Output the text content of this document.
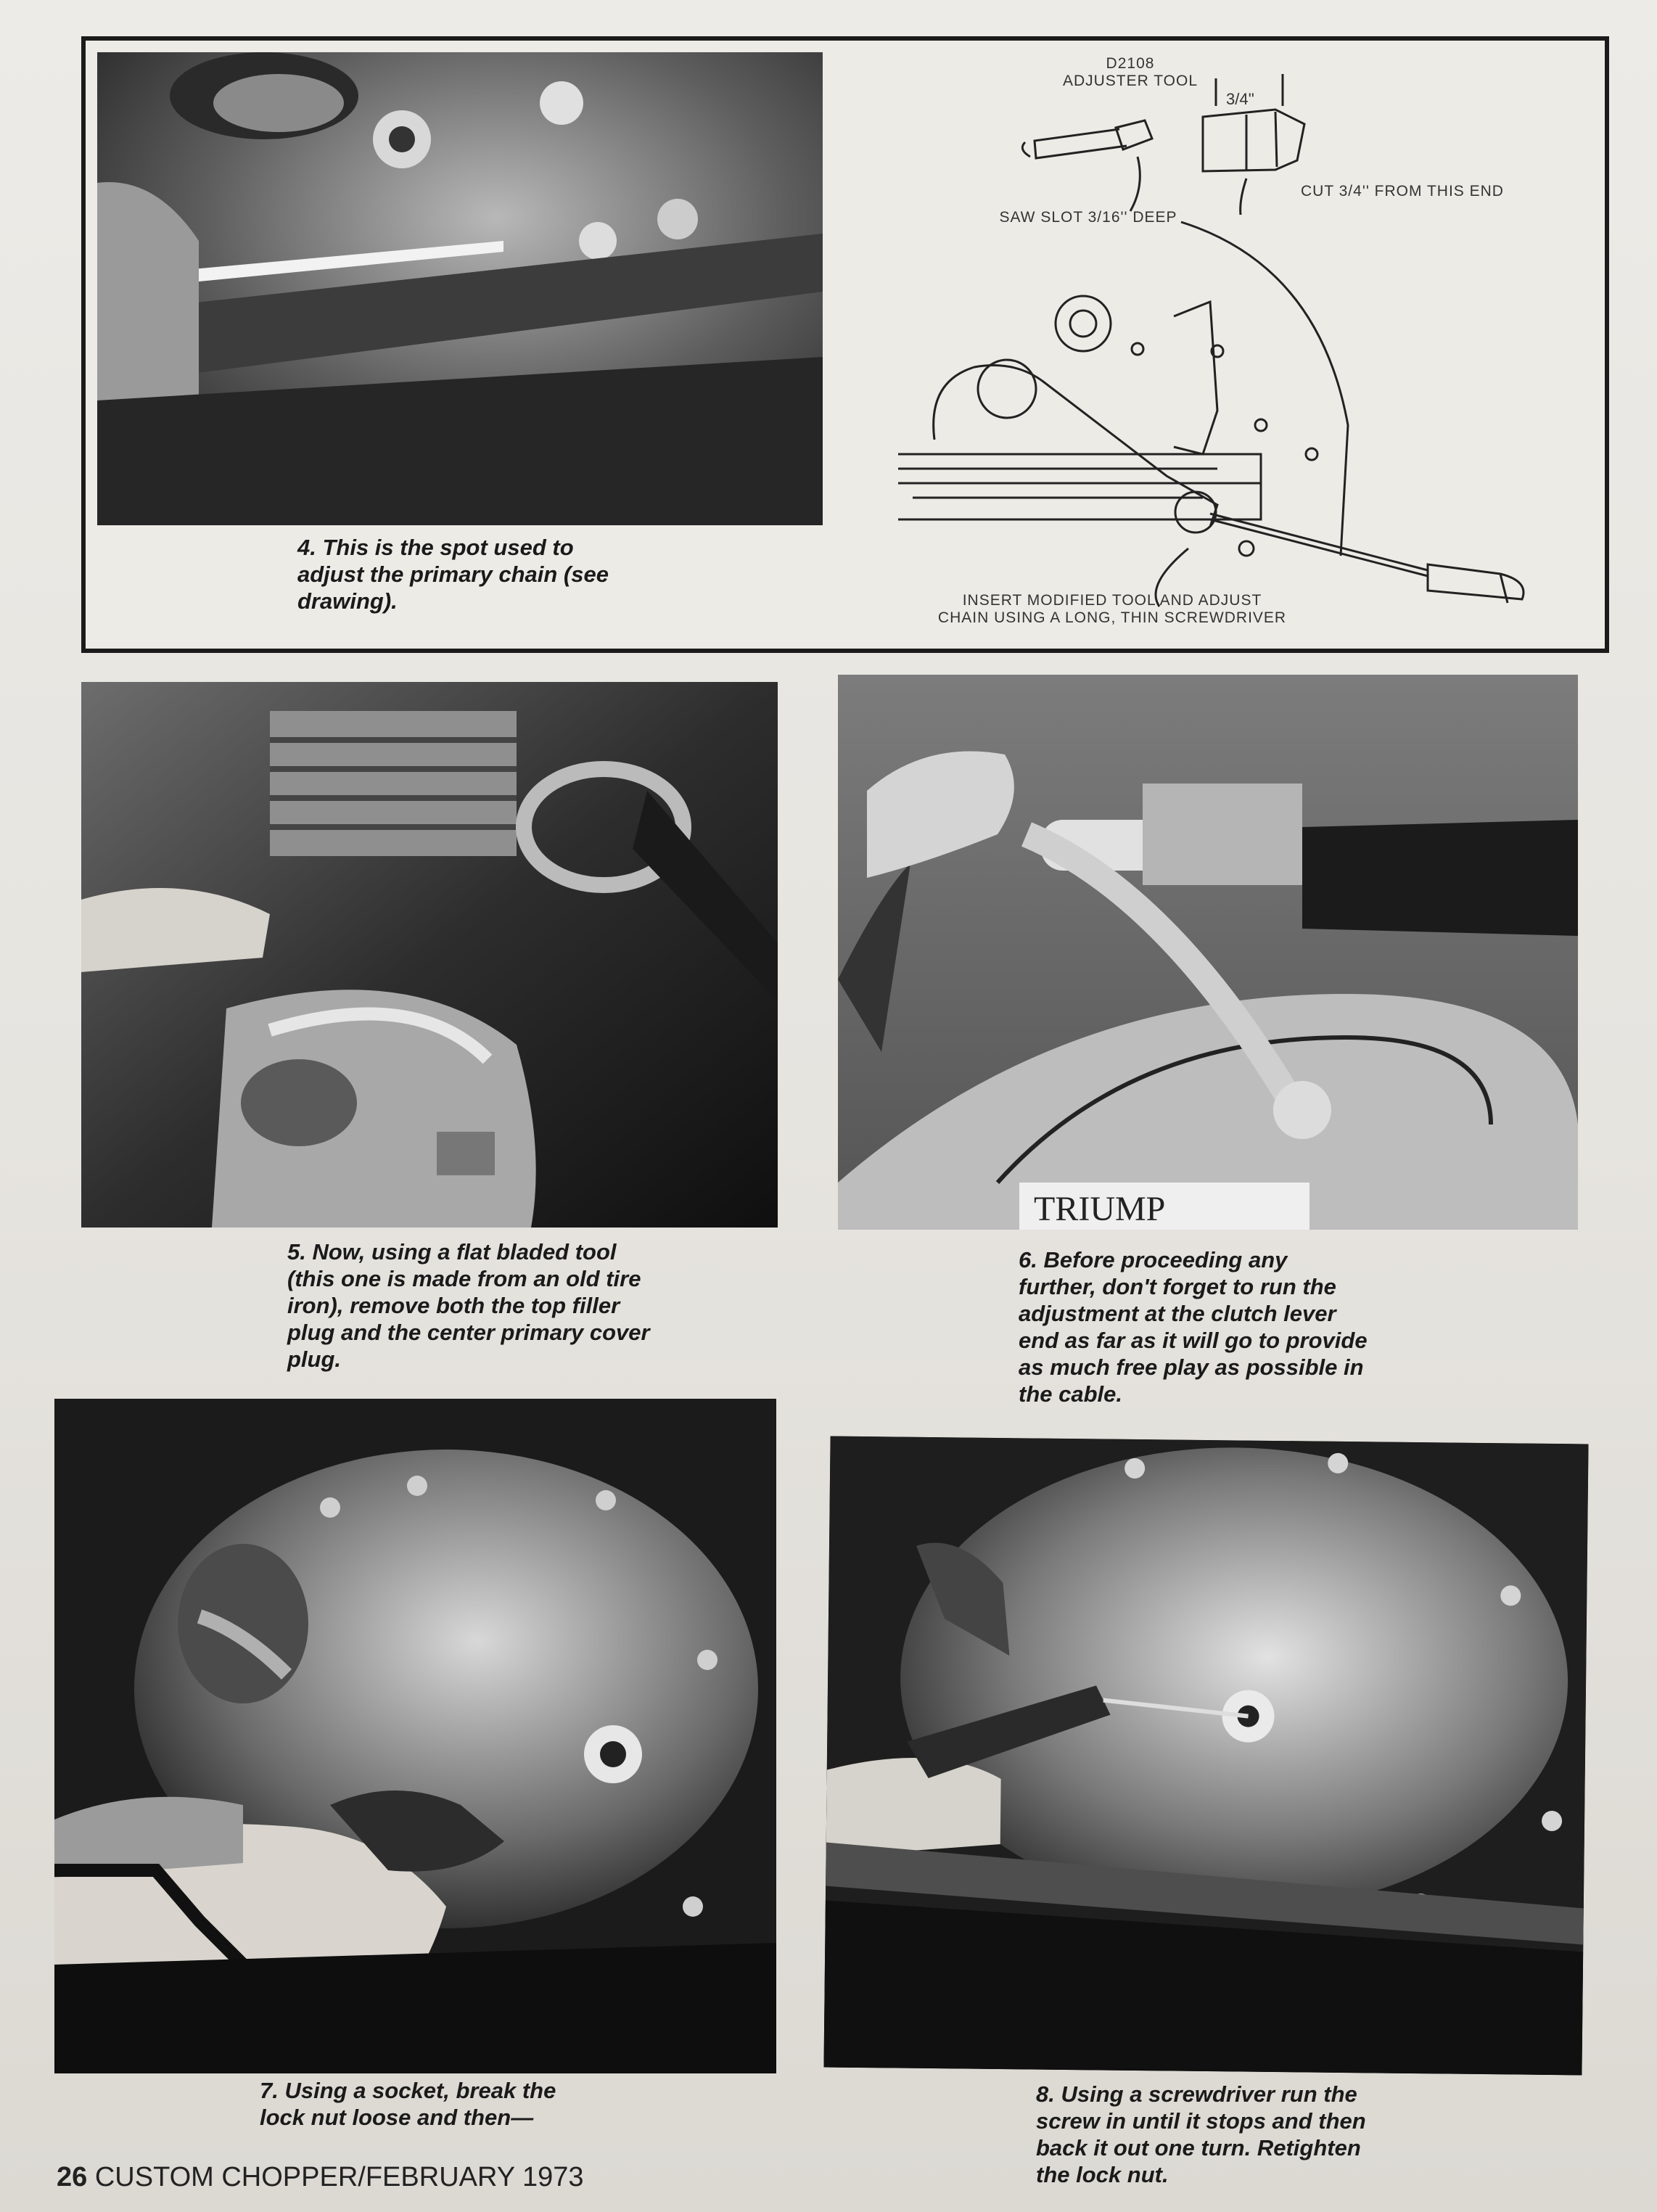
4. This is the spot used to
adjust the primary chain (see
drawing).
3/4''
D2108
ADJUSTER TOOL
SAW SLOT 3/16'' DEEP
CUT 3/4'' FROM THIS END
INSERT MODIFIED TOOL AND ADJUST
CHAIN USING A LONG, THIN SCREWDRIVER
5. Now, using a flat bladed tool
(this one is made from an old tire
iron), remove both the top filler
plug and the center primary cover
plug.
TRIUMP
6. Before proceeding any
further, don't forget to run the
adjustment at the clutch lever
end as far as it will go to provide
as much free play as possible in
the cable.
7. Using a socket, break the
lock nut loose and then—
8. Using a screwdriver run the
screw in until it stops and then
back it out one turn. Retighten
the lock nut.
26 CUSTOM CHOPPER/FEBRUARY 1973
